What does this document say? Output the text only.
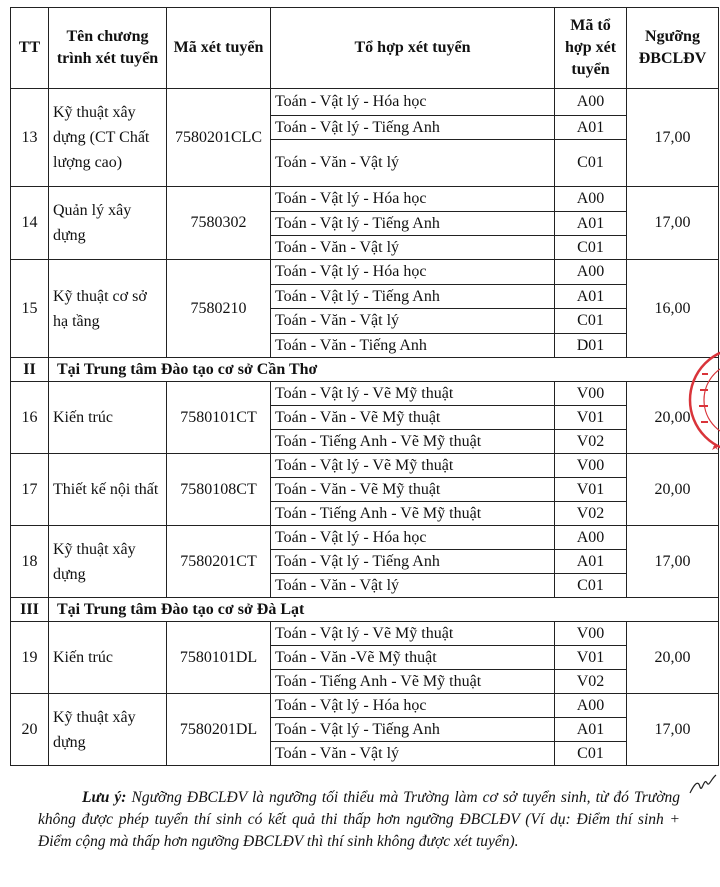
TT	Tên chương trình xét tuyển	Mã xét tuyển	Tổ hợp xét tuyển	Mã tổ hợp xét tuyển	Ngưỡng ĐBCLĐV
13	Kỹ thuật xây dựng (CT Chất lượng cao)	7580201CLC	Toán - Vật lý - Hóa học	A00	17,00
			Toán - Vật lý - Tiếng Anh	A01	
			Toán - Văn - Vật lý	C01	
14	Quản lý xây dựng	7580302	Toán - Vật lý - Hóa học	A00	17,00
			Toán - Vật lý - Tiếng Anh	A01	
			Toán - Văn - Vật lý	C01	
15	Kỹ thuật cơ sở hạ tầng	7580210	Toán - Vật lý - Hóa học	A00	16,00
			Toán - Vật lý - Tiếng Anh	A01	
			Toán - Văn - Vật lý	C01	
			Toán - Văn - Tiếng Anh	D01	
II	Tại Trung tâm Đào tạo cơ sở Cần Thơ				
16	Kiến trúc	7580101CT	Toán - Vật lý - Vẽ Mỹ thuật	V00	20,00
			Toán - Văn - Vẽ Mỹ thuật	V01	
			Toán - Tiếng Anh - Vẽ Mỹ thuật	V02	
17	Thiết kế nội thất	7580108CT	Toán - Vật lý - Vẽ Mỹ thuật	V00	20,00
			Toán - Văn - Vẽ Mỹ thuật	V01	
			Toán - Tiếng Anh - Vẽ Mỹ thuật	V02	
18	Kỹ thuật xây dựng	7580201CT	Toán - Vật lý - Hóa học	A00	17,00
			Toán - Vật lý - Tiếng Anh	A01	
			Toán - Văn - Vật lý	C01	
III	Tại Trung tâm Đào tạo cơ sở Đà Lạt				
19	Kiến trúc	7580101DL	Toán - Vật lý - Vẽ Mỹ thuật	V00	20,00
			Toán - Văn -Vẽ Mỹ thuật	V01	
			Toán - Tiếng Anh - Vẽ Mỹ thuật	V02	
20	Kỹ thuật xây dựng	7580201DL	Toán - Vật lý - Hóa học	A00	17,00
			Toán - Vật lý - Tiếng Anh	A01	
			Toán - Văn - Vật lý	C01	

Lưu ý: Ngưỡng ĐBCLĐV là ngưỡng tối thiểu mà Trường làm cơ sở tuyển sinh, từ đó Trường không được phép tuyển thí sinh có kết quả thi thấp hơn ngưỡng ĐBCLĐV (Ví dụ: Điểm thí sinh + Điểm cộng mà thấp hơn ngưỡng ĐBCLĐV thì thí sinh không được xét tuyển).
